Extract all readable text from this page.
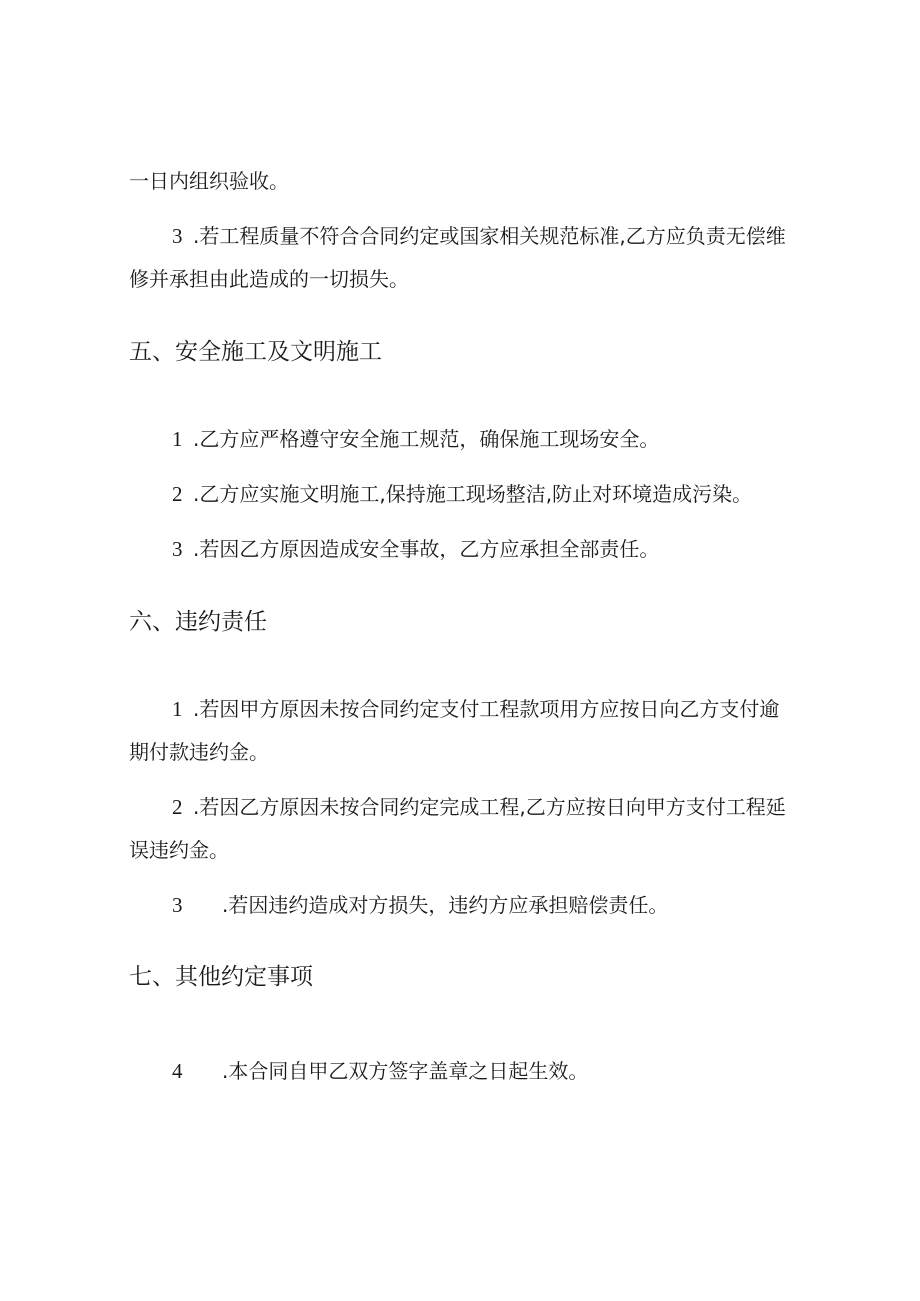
一日内组织验收。
3 .若工程质量不符合合同约定或国家相关规范标准,乙方应负责无偿维
修并承担由此造成的一切损失。
五、安全施工及文明施工
1 .乙方应严格遵守安全施工规范，确保施工现场安全。
2 .乙方应实施文明施工,保持施工现场整洁,防止对环境造成污染。
3 .若因乙方原因造成安全事故，乙方应承担全部责任。
六、违约责任
1 .若因甲方原因未按合同约定支付工程款项用方应按日向乙方支付逾
期付款违约金。
2 .若因乙方原因未按合同约定完成工程,乙方应按日向甲方支付工程延
误违约金。
3 .若因违约造成对方损失，违约方应承担赔偿责任。
七、其他约定事项
4 .本合同自甲乙双方签字盖章之日起生效。
